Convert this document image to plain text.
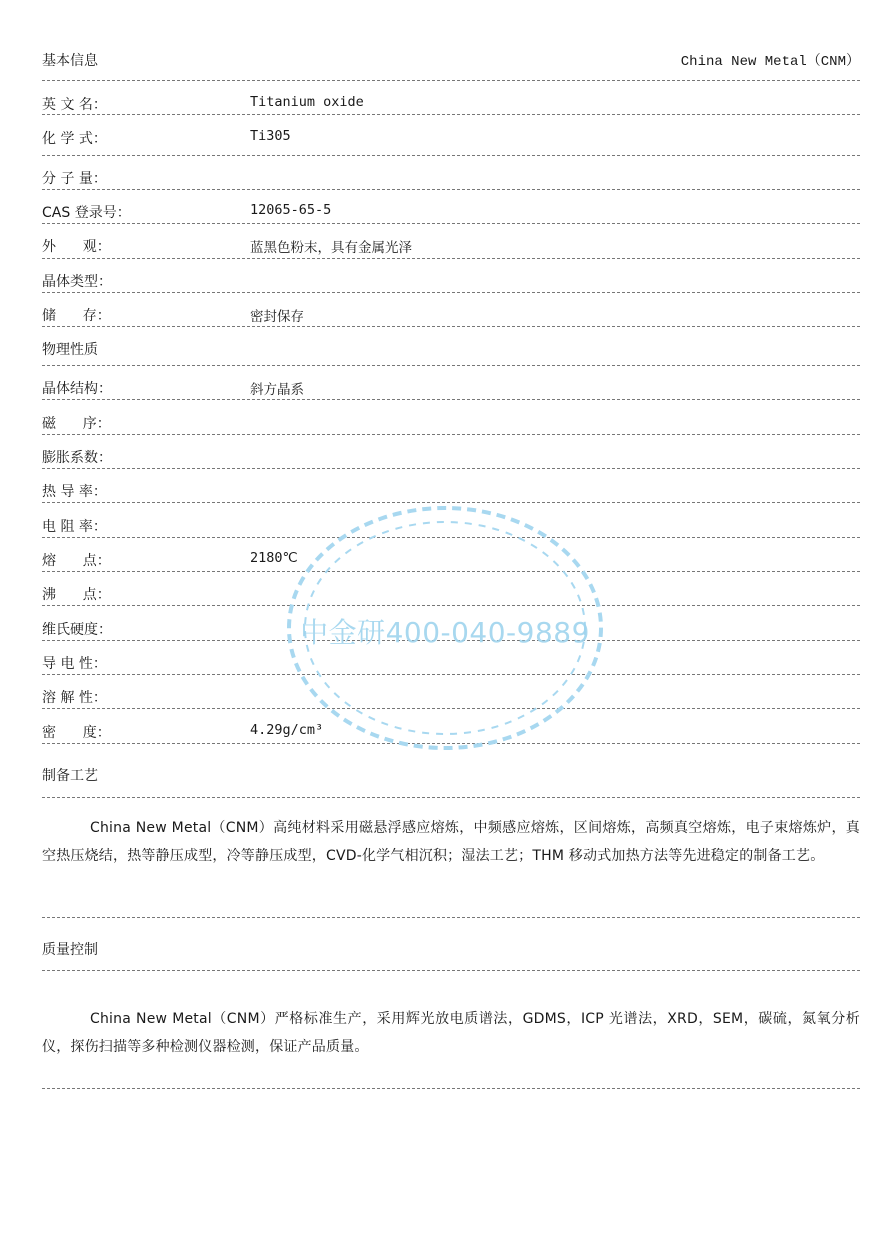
基本信息	China New Metal（CNM）
英 文 名：	Titanium oxide
化 学 式：	Ti305
分 子 量：
CAS 登录号：	12065-65-5
外      观：	蓝黑色粉末，具有金属光泽
晶体类型：
储      存：	密封保存
物理性质
晶体结构：	斜方晶系
磁      序：
膨胀系数：
热 导 率：
电 阻 率：
熔      点：	2180℃
沸      点：
维氏硬度：
导 电 性：
溶 解 性：
密      度：	4.29g/cm³
制备工艺
China New Metal（CNM）高纯材料采用磁悬浮感应熔炼，中频感应熔炼，区间熔炼，高频真空熔炼，电子束熔炼炉，真空热压烧结，热等静压成型，冷等静压成型，CVD-化学气相沉积；湿法工艺；THM 移动式加热方法等先进稳定的制备工艺。
质量控制
China New Metal（CNM）严格标准生产，采用辉光放电质谱法，GDMS，ICP 光谱法，XRD，SEM，碳硫，氮氧分析仪，探伤扫描等多种检测仪器检测，保证产品质量。
中金研400-040-9889
